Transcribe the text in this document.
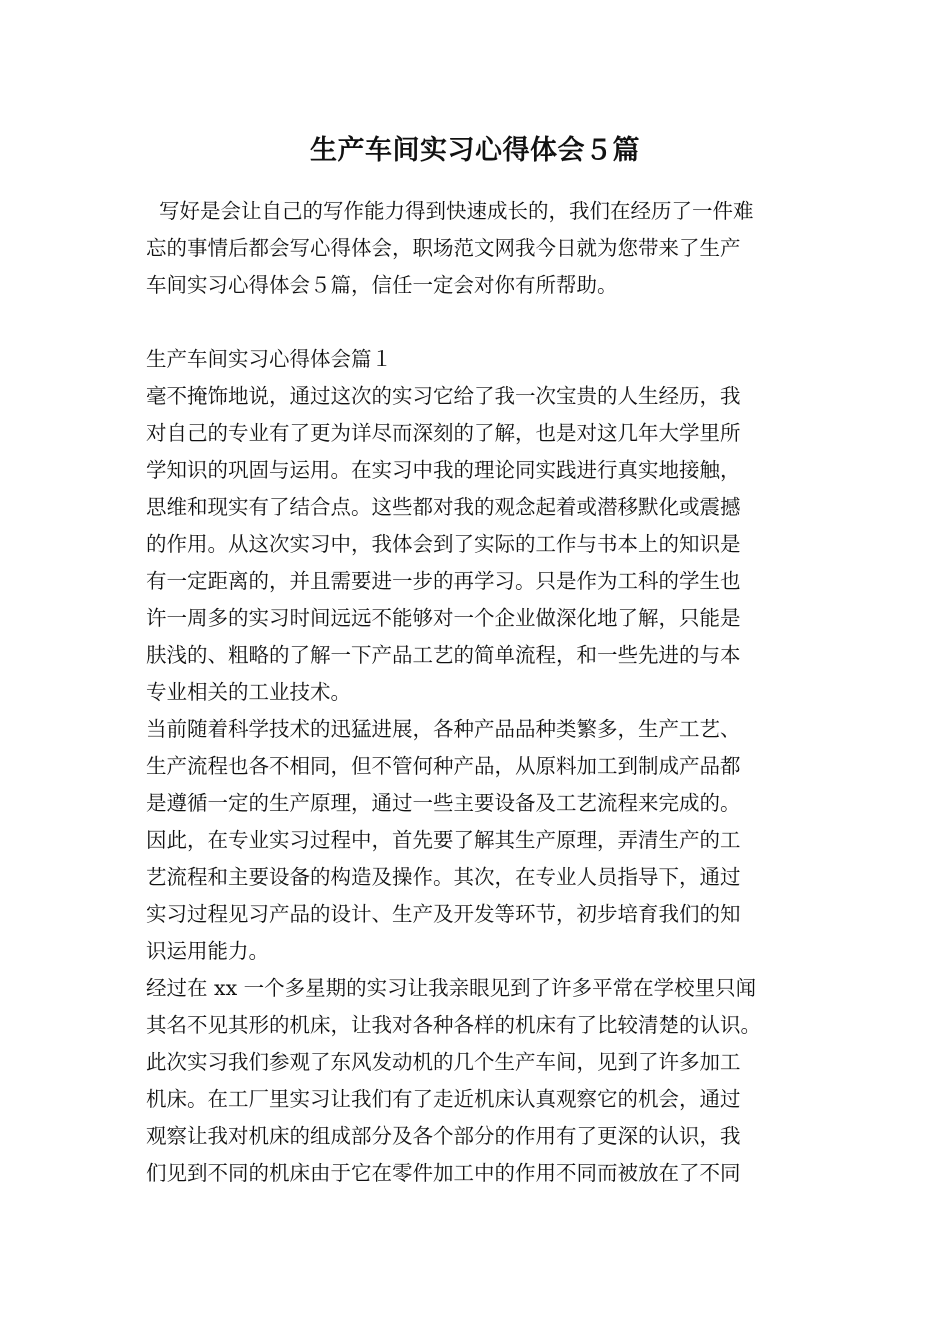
生产车间实习心得体会５篇
写好是会让自己的写作能力得到快速成长的，我们在经历了一件难
忘的事情后都会写心得体会，职场范文网我今日就为您带来了生产
车间实习心得体会５篇，信任一定会对你有所帮助。
生产车间实习心得体会篇１
毫不掩饰地说，通过这次的实习它给了我一次宝贵的人生经历，我
对自己的专业有了更为详尽而深刻的了解，也是对这几年大学里所
学知识的巩固与运用。在实习中我的理论同实践进行真实地接触，
思维和现实有了结合点。这些都对我的观念起着或潜移默化或震撼
的作用。从这次实习中，我体会到了实际的工作与书本上的知识是
有一定距离的，并且需要进一步的再学习。只是作为工科的学生也
许一周多的实习时间远远不能够对一个企业做深化地了解，只能是
肤浅的、粗略的了解一下产品工艺的简单流程，和一些先进的与本
专业相关的工业技术。
当前随着科学技术的迅猛进展，各种产品品种类繁多，生产工艺、
生产流程也各不相同，但不管何种产品，从原料加工到制成产品都
是遵循一定的生产原理，通过一些主要设备及工艺流程来完成的。
因此，在专业实习过程中，首先要了解其生产原理，弄清生产的工
艺流程和主要设备的构造及操作。其次，在专业人员指导下，通过
实习过程见习产品的设计、生产及开发等环节，初步培育我们的知
识运用能力。
经过在 xx 一个多星期的实习让我亲眼见到了许多平常在学校里只闻
其名不见其形的机床，让我对各种各样的机床有了比较清楚的认识。
此次实习我们参观了东风发动机的几个生产车间，见到了许多加工
机床。在工厂里实习让我们有了走近机床认真观察它的机会，通过
观察让我对机床的组成部分及各个部分的作用有了更深的认识，我
们见到不同的机床由于它在零件加工中的作用不同而被放在了不同
